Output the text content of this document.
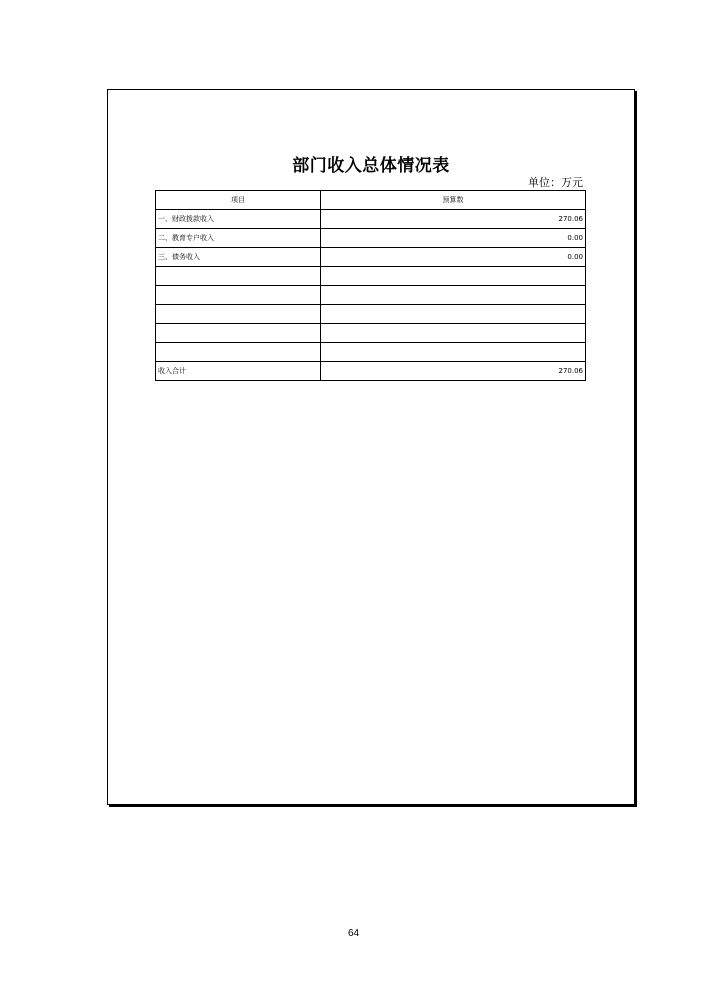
部门收入总体情况表
单位：万元
项目	预算数
一、财政拨款收入	270.06
二、教育专户收入	0.00
三、债务收入	0.00

收入合计	270.06
64
